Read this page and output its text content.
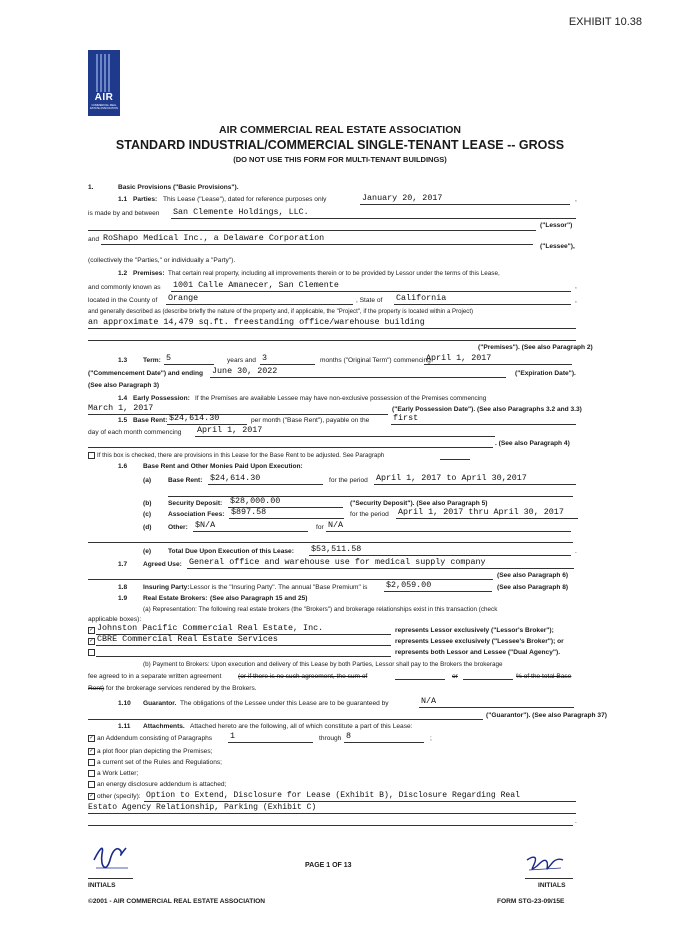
EXHIBIT 10.38
AIR
COMMERCIAL REAL ESTATE ASSOCIATION
AIR COMMERCIAL REAL ESTATE ASSOCIATION
STANDARD INDUSTRIAL/COMMERCIAL SINGLE-TENANT LEASE -- GROSS
(DO NOT USE THIS FORM FOR MULTI-TENANT BUILDINGS)
1.	Basic Provisions ("Basic Provisions").
1.1 Parties: This Lease ("Lease"), dated for reference purposes only	January 20, 2017	,
is made by and between San Clemente Holdings, LLC.
("Lessor")
and RoShapo Medical Inc., a Delaware Corporation
("Lessee"),
(collectively the "Parties," or individually a "Party").
1.2 Premises: That certain real property, including all improvements therein or to be provided by Lessor under the terms of this Lease,
and commonly known as 1001 Calle Amanecer, San Clemente	,
located in the County of Orange	, State of California	,
and generally described as (describe briefly the nature of the property and, if applicable, the "Project", if the property is located within a Project)
an approximate 14,479 sq.ft. freestanding office/warehouse building
("Premises"). (See also Paragraph 2)
1.3 Term: 5	years and 3	months ("Original Term") commencing
April 1, 2017
("Commencement Date") and ending June 30, 2022	("Expiration Date").
(See also Paragraph 3)
1.4 Early Possession: If the Premises are available Lessee may have non-exclusive possession of the Premises commencing
March 1, 2017	("Early Possession Date"). (See also Paragraphs 3.2 and 3.3)
1.5 Base Rent: $24,614.30	per month ("Base Rent"), payable on the	first
day of each month commencing April 1, 2017
. (See also Paragraph 4)
If this box is checked, there are provisions in this Lease for the Base Rent to be adjusted. See Paragraph
1.6 Base Rent and Other Monies Paid Upon Execution:
(a)	Base Rent: $24,614.30	for the period April 1, 2017 to April 30,2017
(b)	Security Deposit: $28,000.00	("Security Deposit"). (See also Paragraph 5)
(c)	Association Fees: $897.58	for the period April 1, 2017 thru April 30, 2017
(d)	Other: $N/A	for N/A
(e)	Total Due Upon Execution of this Lease: $53,511.58	.
1.7 Agreed Use: General office and warehouse use for medical supply company
(See also Paragraph 6)
1.8 Insuring Party: Lessor is the "Insuring Party". The annual "Base Premium" is $2,059.00	(See also Paragraph 8)
1.9 Real Estate Brokers: (See also Paragraph 15 and 25)
(a) Representation: The following real estate brokers (the "Brokers") and brokerage relationships exist in this transaction (check
applicable boxes):
✓ Johnston Pacific Commercial Real Estate, Inc.	represents Lessor exclusively ("Lessor's Broker");
✓ CBRE Commercial Real Estate Services	represents Lessee exclusively ("Lessee's Broker"); or
represents both Lessor and Lessee ("Dual Agency").
(b) Payment to Brokers: Upon execution and delivery of this Lease by both Parties, Lessor shall pay to the Brokers the brokerage
fee agreed to in a separate written agreement	(or if there is no such agreement, the sum of	or	% of the total Base
Rent) for the brokerage services rendered by the Brokers.
1.10 Guarantor. The obligations of the Lessee under this Lease are to be guaranteed by	N/A
("Guarantor"). (See also Paragraph 37)
1.11 Attachments. Attached hereto are the following, all of which constitute a part of this Lease:
✓ an Addendum consisting of Paragraphs 1	through 8	;
✓ a plot floor plan depicting the Premises;
a current set of the Rules and Regulations;
a Work Letter;
an energy disclosure addendum is attached;
✓ other (specify): Option to Extend, Disclosure for Lease (Exhibit B), Disclosure Regarding Real
Estato Agency Relationship, Parking (Exhibit C)
.
INITIALS
PAGE 1 OF 13
INITIALS
©2001 - AIR COMMERCIAL REAL ESTATE ASSOCIATION	FORM STG-23-09/15E
